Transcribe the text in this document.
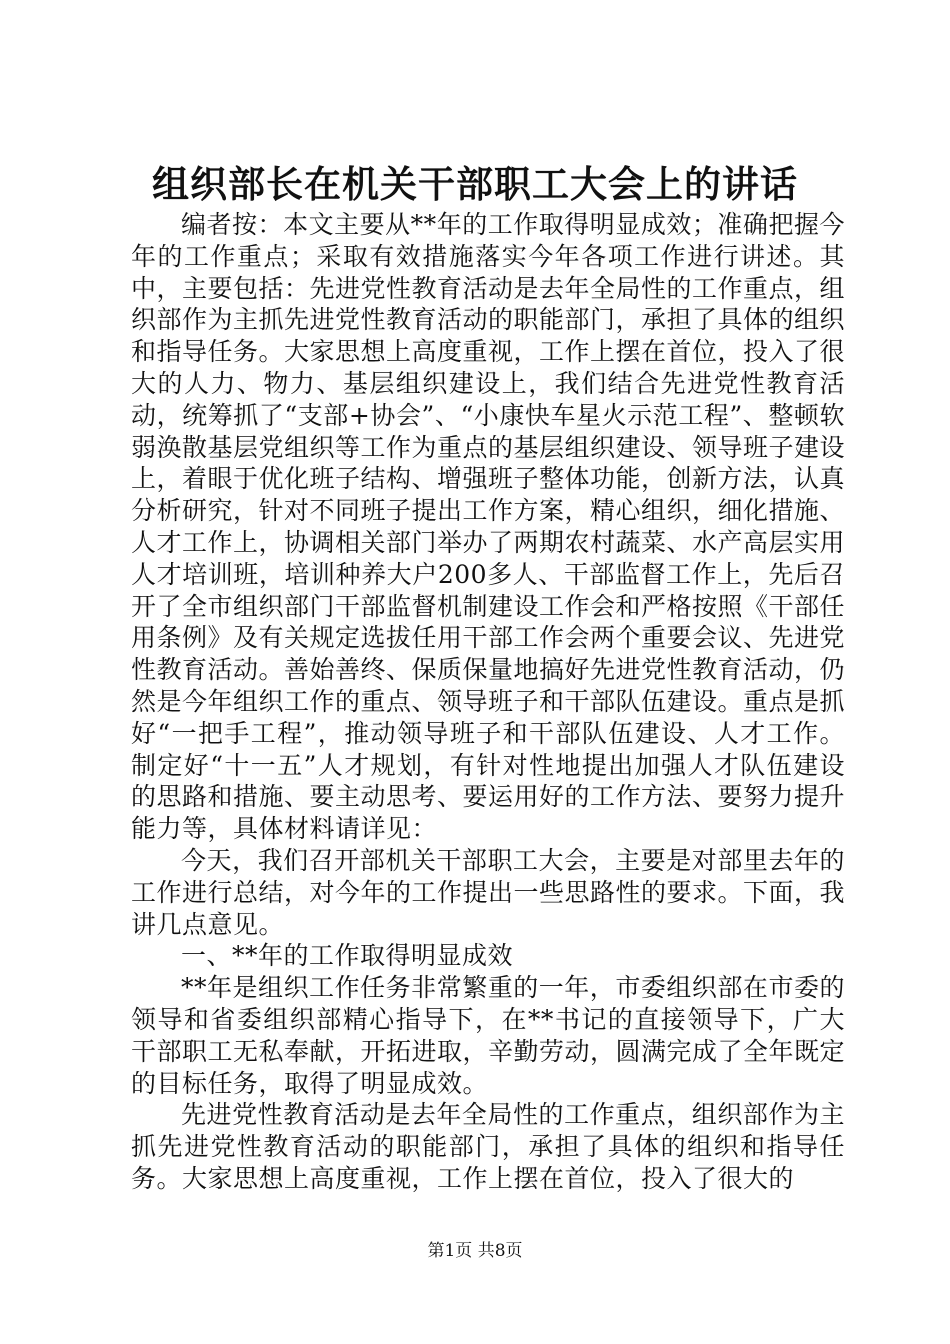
组织部长在机关干部职工大会上的讲话

编者按：本文主要从**年的工作取得明显成效；准确把握今年的工作重点；采取有效措施落实今年各项工作进行讲述。其中，主要包括：先进党性教育活动是去年全局性的工作重点，组织部作为主抓先进党性教育活动的职能部门，承担了具体的组织和指导任务。大家思想上高度重视，工作上摆在首位，投入了很大的人力、物力、基层组织建设上，我们结合先进党性教育活动，统筹抓了“支部+协会”、“小康快车星火示范工程”、整顿软弱涣散基层党组织等工作为重点的基层组织建设、领导班子建设上，着眼于优化班子结构、增强班子整体功能，创新方法，认真分析研究，针对不同班子提出工作方案，精心组织，细化措施、人才工作上，协调相关部门举办了两期农村蔬菜、水产高层实用人才培训班，培训种养大户200多人、干部监督工作上，先后召开了全市组织部门干部监督机制建设工作会和严格按照《干部任用条例》及有关规定选拔任用干部工作会两个重要会议、先进党性教育活动。善始善终、保质保量地搞好先进党性教育活动，仍然是今年组织工作的重点、领导班子和干部队伍建设。重点是抓好“一把手工程”，推动领导班子和干部队伍建设、人才工作。制定好“十一五”人才规划，有针对性地提出加强人才队伍建设的思路和措施、要主动思考、要运用好的工作方法、要努力提升能力等，具体材料请详见：

今天，我们召开部机关干部职工大会，主要是对部里去年的工作进行总结，对今年的工作提出一些思路性的要求。下面，我讲几点意见。

一、**年的工作取得明显成效

**年是组织工作任务非常繁重的一年，市委组织部在市委的领导和省委组织部精心指导下，在**书记的直接领导下，广大干部职工无私奉献，开拓进取，辛勤劳动，圆满完成了全年既定的目标任务，取得了明显成效。

先进党性教育活动是去年全局性的工作重点，组织部作为主抓先进党性教育活动的职能部门，承担了具体的组织和指导任务。大家思想上高度重视，工作上摆在首位，投入了很大的

第1页 共8页
